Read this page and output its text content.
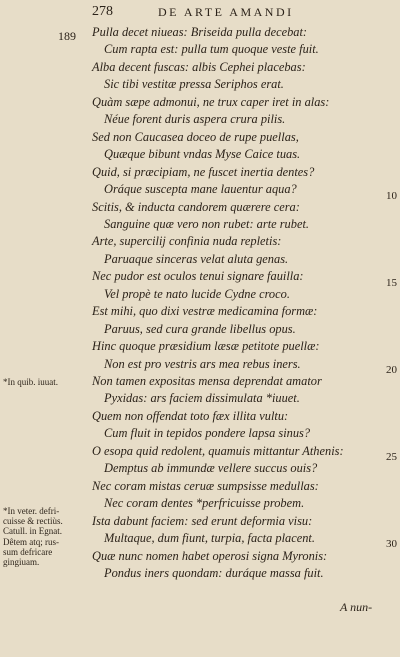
278	DE ARTE AMANDI
189 Pulla decet niueas: Briseida pulla decebat:
Cum rapta est: pulla tum quoque veste fuit.
Alba decent fuscas: albis Cephei placebas:
Sic tibi vestitæ pressa Seriphos erat.
Quàm sæpe admonui, ne trux caper iret in alas:
Néue forent duris aspera crura pilis.
Sed non Caucasea doceo de rupe puellas,
Quæque bibunt vndas Myse Caice tuas.
Quid, si præcipiam, ne fuscet inertia dentes?
Oráque suscepta mane lauentur aqua?
Scitis, & inducta candorem quærere cera:
Sanguine quæ vero non rubet: arte rubet.
Arte, supercilij confinia nuda repletis:
Paruaque sinceras velat aluta genas.
Nec pudor est oculos tenui signare fauilla:
Vel propè te nato lucide Cydne croco.
Est mihi, quo dixi vestræ medicamina formæ:
Paruus, sed cura grande libellus opus.
Hinc quoque præsidium læsæ petitote puellæ:
Non est pro vestris ars mea rebus iners.
Non tamen expositas mensa deprendat amator
Pyxidas: ars faciem dissimulata *iuuet.
Quem non offendat toto fæx illita vultu:
Cum fluit in tepidos pondere lapsa sinus?
O esopa quid redolent, quamuis mittantur Athenis:
Demptus ab immundæ vellere succus ouis?
Nec coram mistas ceruæ sumpsisse medullas:
Nec coram dentes *perfricuisse probem.
Ista dabunt faciem: sed erunt deformia visu:
Multaque, dum fiunt, turpia, facta placent.
Quæ nunc nomen habet operosi signa Myronis:
Pondus iners quondam: duráque massa fuit.
10
15
20
25
30
*In quib. iuuat.
*In veter. defri-
cuisse & rectiùs.
Catull. in Egnat.
Dêtem atq; rus-
sum defricare
gingiuam.
A nun-
